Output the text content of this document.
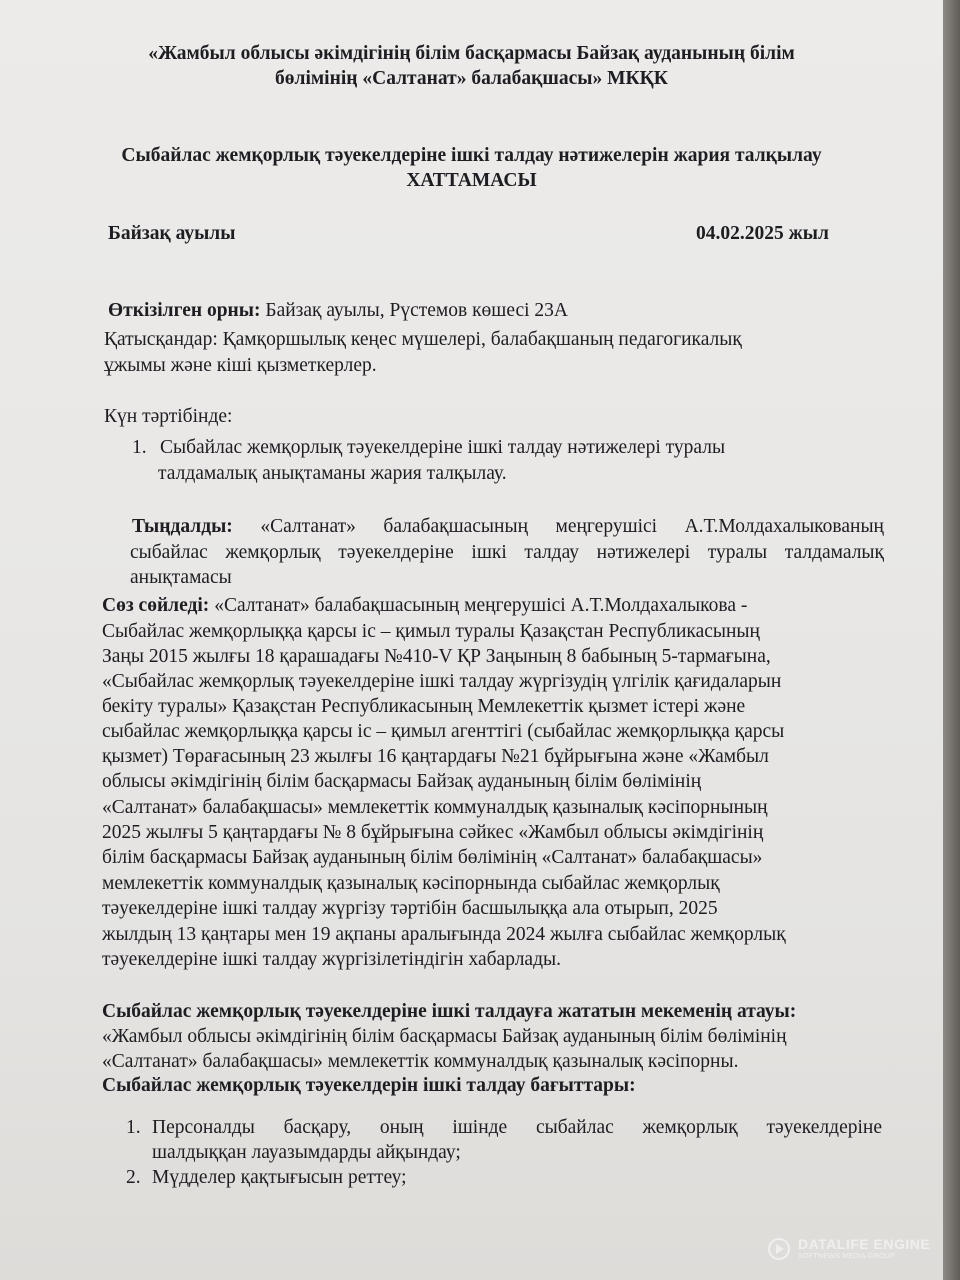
«Жамбыл облысы әкімдігінің білім басқармасы Байзақ ауданының білім
бөлімінің «Салтанат» балабақшасы» МКҚК
Сыбайлас жемқорлық тәуекелдеріне ішкі талдау нәтижелерін жария талқылау
ХАТТАМАСЫ
Байзақ ауылы	04.02.2025 жыл
Өткізілген орны: Байзақ ауылы, Рүстемов көшесі 23А
Қатысқандар: Қамқоршылық кеңес мүшелері, балабақшаның педагогикалық
ұжымы және кіші қызметкерлер.
Күн тәртібінде:
1. Сыбайлас жемқорлық тәуекелдеріне ішкі талдау нәтижелері туралы
талдамалық анықтаманы жария талқылау.
Тыңдалды: «Салтанат» балабақшасының меңгерушісі А.Т.Молдахалыкованың
сыбайлас жемқорлық тәуекелдеріне ішкі талдау нәтижелері туралы талдамалық
анықтамасы
Сөз сөйледі: «Салтанат» балабақшасының меңгерушісі А.Т.Молдахалыкова -
Сыбайлас жемқорлыққа қарсы іс – қимыл туралы Қазақстан Республикасының
Заңы 2015 жылғы 18 қарашадағы №410-V ҚР Заңының 8 бабының 5-тармағына,
«Сыбайлас жемқорлық тәуекелдеріне ішкі талдау жүргізудің үлгілік қағидаларын
бекіту туралы» Қазақстан Республикасының Мемлекеттік қызмет істері және
сыбайлас жемқорлыққа қарсы іс – қимыл агенттігі (сыбайлас жемқорлыққа қарсы
қызмет) Төрағасының 23 жылғы 16 қаңтардағы №21 бұйрығына және «Жамбыл
облысы әкімдігінің білім басқармасы Байзақ ауданының білім бөлімінің
«Салтанат» балабақшасы» мемлекеттік коммуналдық қазыналық кәсіпорнының
2025 жылғы 5 қаңтардағы № 8 бұйрығына сәйкес «Жамбыл облысы әкімдігінің
білім басқармасы Байзақ ауданының білім бөлімінің «Салтанат» балабақшасы»
мемлекеттік коммуналдық қазыналық кәсіпорнында сыбайлас жемқорлық
тәуекелдеріне ішкі талдау жүргізу тәртібін басшылыққа ала отырып, 2025
жылдың 13 қаңтары мен 19 ақпаны аралығында 2024 жылға сыбайлас жемқорлық
тәуекелдеріне ішкі талдау жүргізілетіндігін хабарлады.
Сыбайлас жемқорлық тәуекелдеріне ішкі талдауға жататын мекеменің атауы:
«Жамбыл облысы әкімдігінің білім басқармасы Байзақ ауданының білім бөлімінің
«Салтанат» балабақшасы» мемлекеттік коммуналдық қазыналық кәсіпорны.
Сыбайлас жемқорлық тәуекелдерін ішкі талдау бағыттары:
1. Персоналды басқару, оның ішінде сыбайлас жемқорлық тәуекелдеріне
шалдыққан лауазымдарды айқындау;
2. Мүдделер қақтығысын реттеу;
DATALIFE ENGINE
SOFTNEWS MEDIA GROUP
